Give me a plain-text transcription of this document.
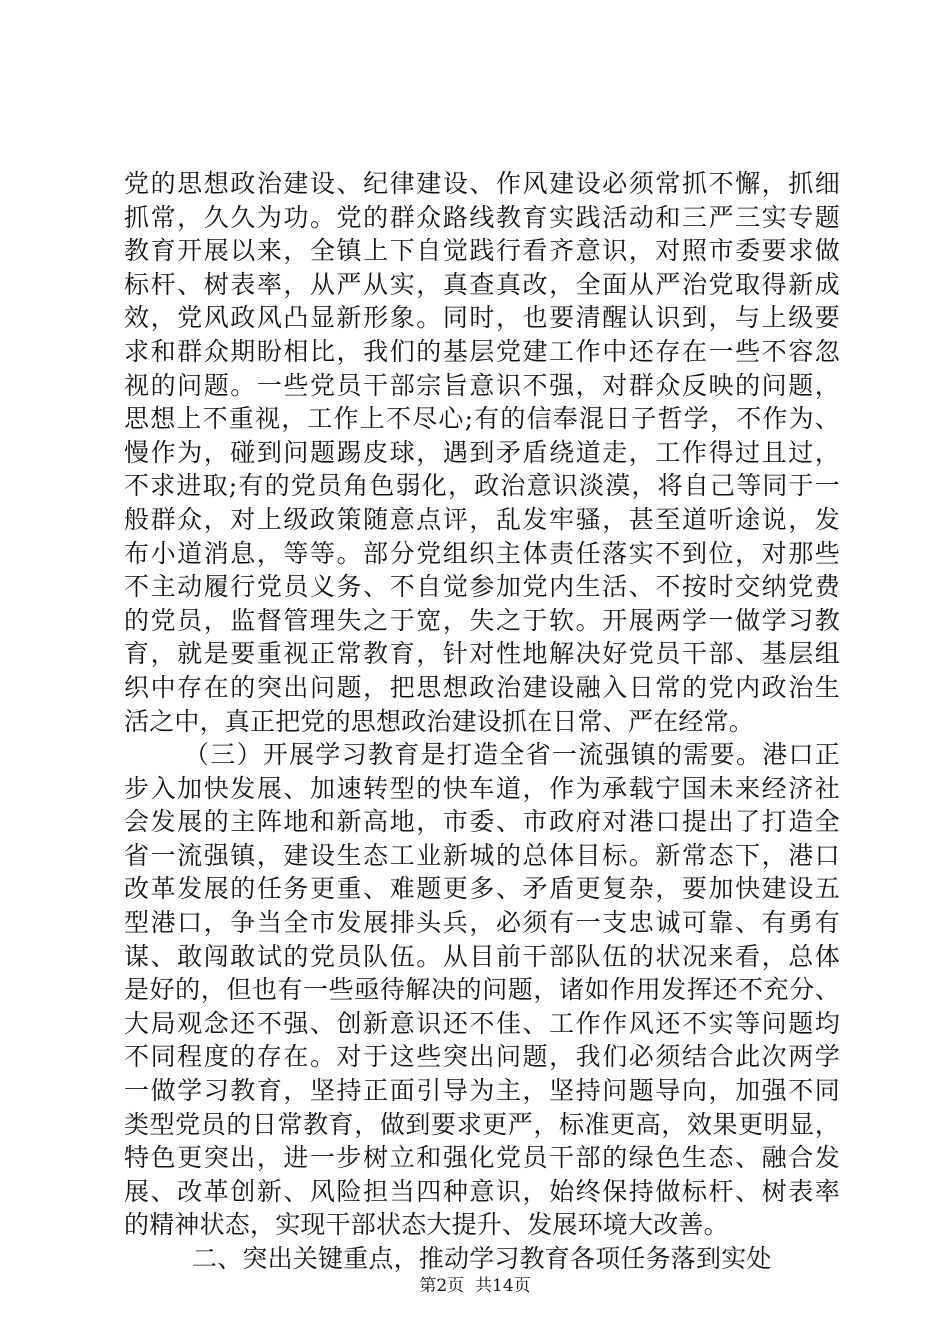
党的思想政治建设、纪律建设、作风建设必须常抓不懈，抓细

抓常，久久为功。党的群众路线教育实践活动和三严三实专题

教育开展以来，全镇上下自觉践行看齐意识，对照市委要求做

标杆、树表率，从严从实，真查真改，全面从严治党取得新成

效，党风政风凸显新形象。同时，也要清醒认识到，与上级要

求和群众期盼相比，我们的基层党建工作中还存在一些不容忽

视的问题。一些党员干部宗旨意识不强，对群众反映的问题，

思想上不重视，工作上不尽心;有的信奉混日子哲学，不作为、

慢作为，碰到问题踢皮球，遇到矛盾绕道走，工作得过且过，

不求进取;有的党员角色弱化，政治意识淡漠，将自己等同于一

般群众，对上级政策随意点评，乱发牢骚，甚至道听途说，发

布小道消息，等等。部分党组织主体责任落实不到位，对那些

不主动履行党员义务、不自觉参加党内生活、不按时交纳党费

的党员，监督管理失之于宽，失之于软。开展两学一做学习教

育，就是要重视正常教育，针对性地解决好党员干部、基层组

织中存在的突出问题，把思想政治建设融入日常的党内政治生

活之中，真正把党的思想政治建设抓在日常、严在经常。

（三）开展学习教育是打造全省一流强镇的需要。港口正

步入加快发展、加速转型的快车道，作为承载宁国未来经济社

会发展的主阵地和新高地，市委、市政府对港口提出了打造全

省一流强镇，建设生态工业新城的总体目标。新常态下，港口

改革发展的任务更重、难题更多、矛盾更复杂，要加快建设五

型港口，争当全市发展排头兵，必须有一支忠诚可靠、有勇有

谋、敢闯敢试的党员队伍。从目前干部队伍的状况来看，总体

是好的，但也有一些亟待解决的问题，诸如作用发挥还不充分、

大局观念还不强、创新意识还不佳、工作作风还不实等问题均

不同程度的存在。对于这些突出问题，我们必须结合此次两学

一做学习教育，坚持正面引导为主，坚持问题导向，加强不同

类型党员的日常教育，做到要求更严，标准更高，效果更明显，

特色更突出，进一步树立和强化党员干部的绿色生态、融合发

展、改革创新、风险担当四种意识，始终保持做标杆、树表率

的精神状态，实现干部状态大提升、发展环境大改善。

二、突出关键重点，推动学习教育各项任务落到实处

第2页 共14页
